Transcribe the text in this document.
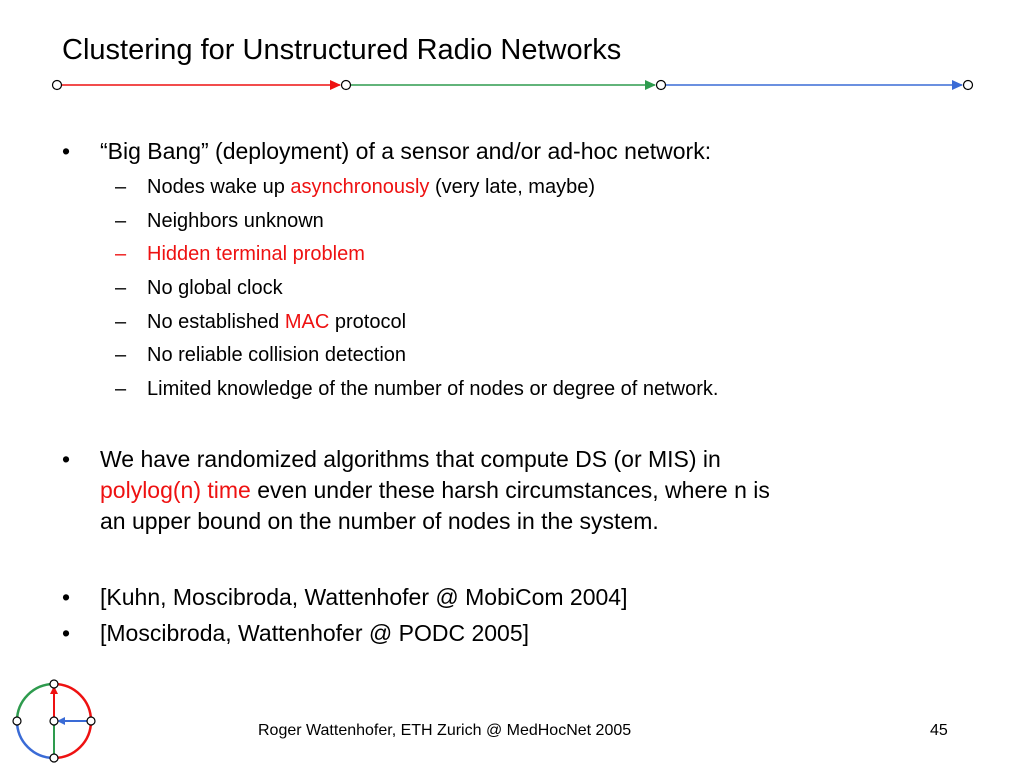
Clustering for Unstructured Radio Networks
• “Big Bang” (deployment) of a sensor and/or ad-hoc network:
– Nodes wake up asynchronously (very late, maybe)
– Neighbors unknown
– Hidden terminal problem
– No global clock
– No established MAC protocol
– No reliable collision detection
– Limited knowledge of the number of nodes or degree of network.
• We have randomized algorithms that compute DS (or MIS) in
polylog(n) time even under these harsh circumstances, where n is
an upper bound on the number of nodes in the system.
• [Kuhn, Moscibroda, Wattenhofer @ MobiCom 2004]
• [Moscibroda, Wattenhofer @ PODC 2005]
Roger Wattenhofer, ETH Zurich @ MedHocNet 2005	45
